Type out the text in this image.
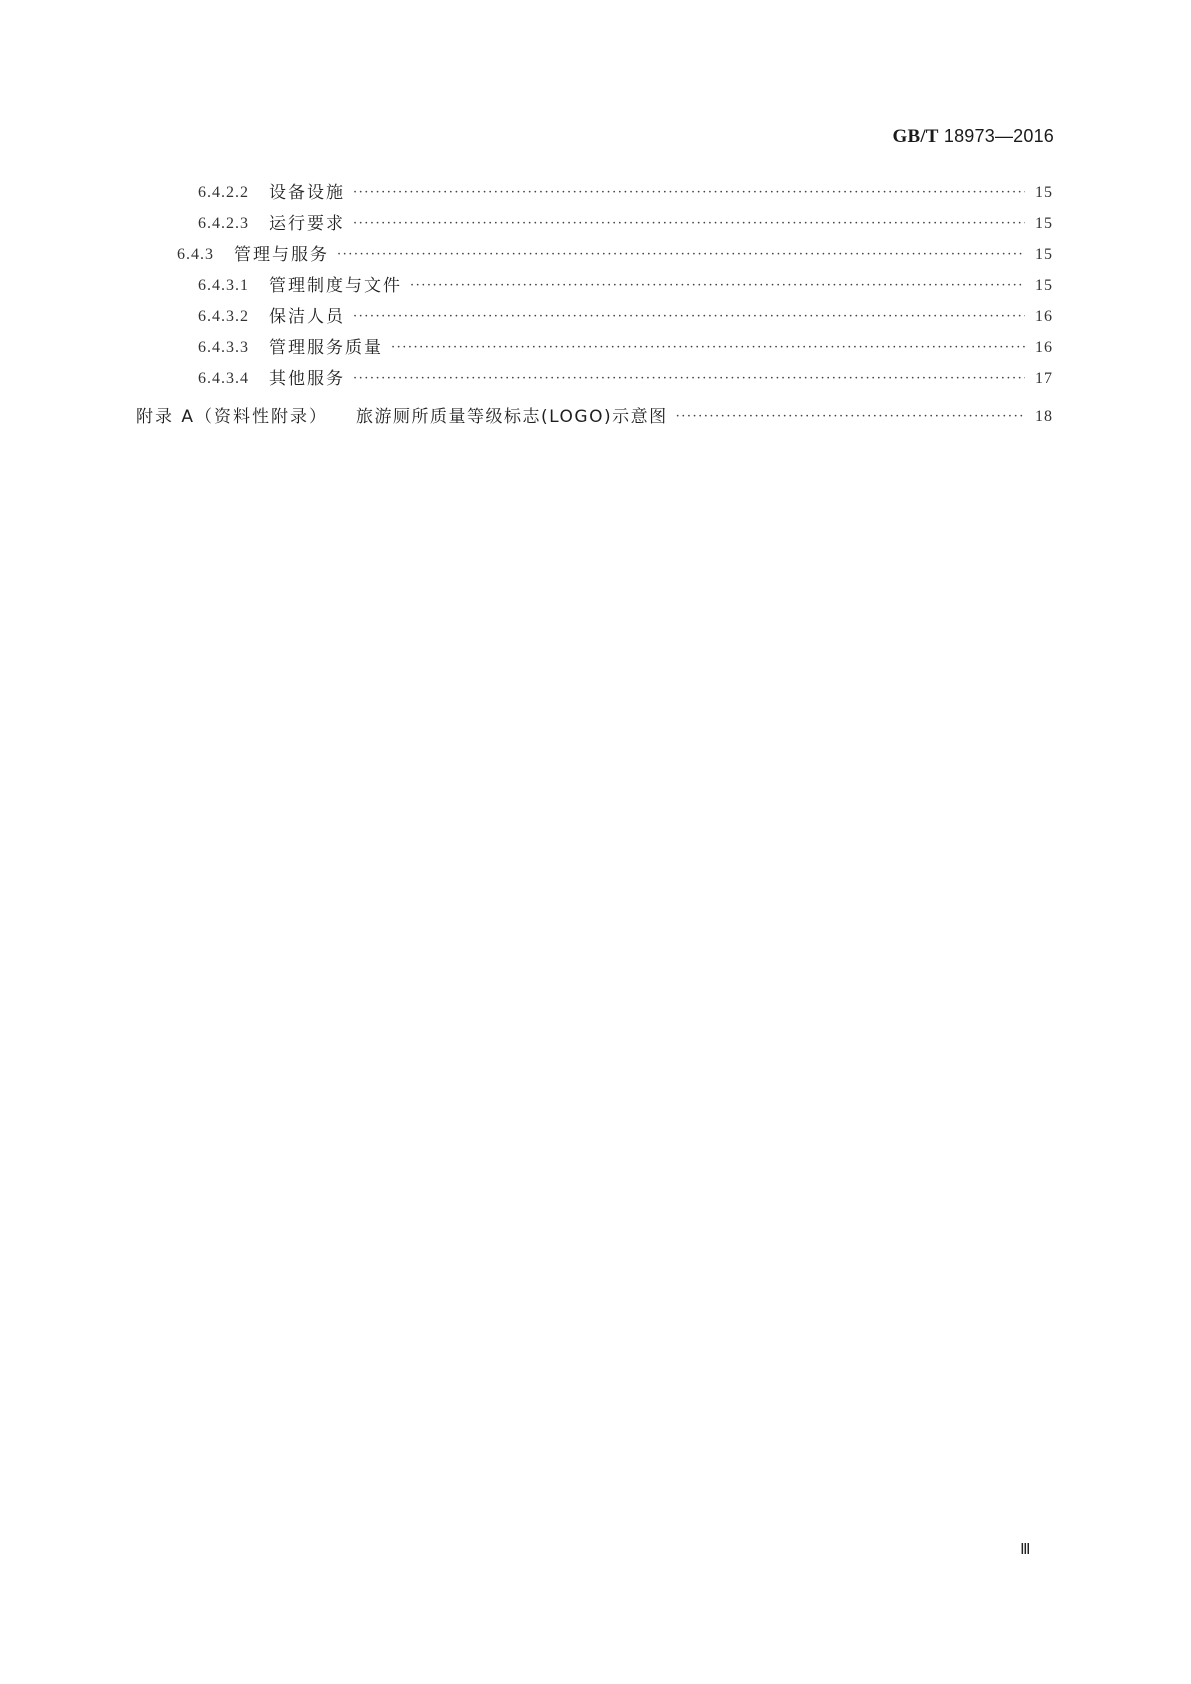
GB/T 18973—2016
6.4.2.2 设备设施 ·····	15
6.4.2.3 运行要求 ·····	15
6.4.3 管理与服务 ·····	15
6.4.3.1 管理制度与文件 ·····	15
6.4.3.2 保洁人员 ·····	16
6.4.3.3 管理服务质量 ·····	16
6.4.3.4 其他服务 ·····	17
附录 A（资料性附录） 旅游厕所质量等级标志(LOGO)示意图 ·····	18
Ⅲ
